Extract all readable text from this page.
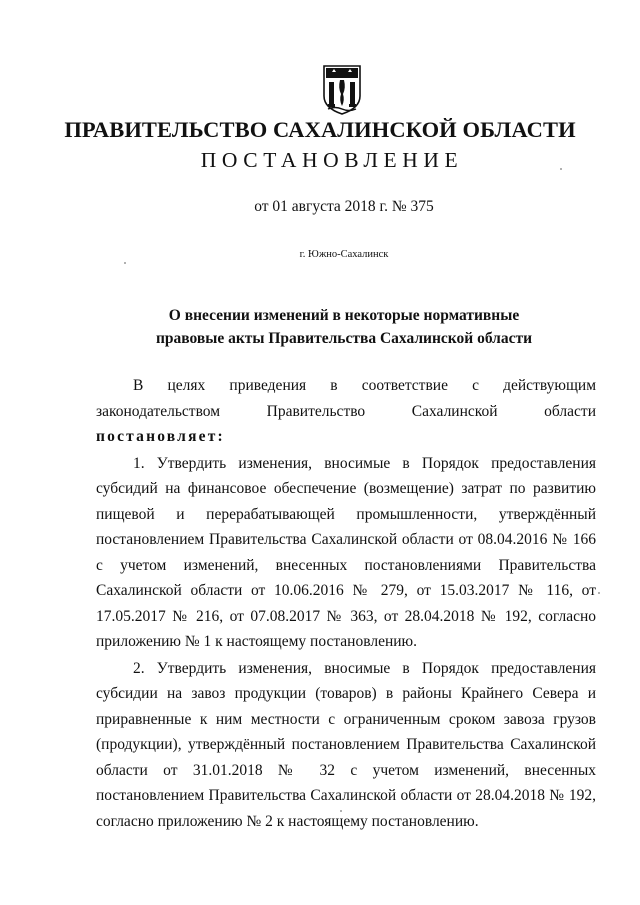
ПРАВИТЕЛЬСТВО САХАЛИНСКОЙ ОБЛАСТИ
ПОСТАНОВЛЕНИЕ
от 01 августа 2018 г. № 375
г. Южно-Сахалинск
О внесении изменений в некоторые нормативные
правовые акты Правительства Сахалинской области

В целях приведения в соответствие с действующим законодательством Правительство Сахалинской области постановляет:

1. Утвердить изменения, вносимые в Порядок предоставления субсидий на финансовое обеспечение (возмещение) затрат по развитию пищевой и перерабатывающей промышленности, утверждённый постановлением Правительства Сахалинской области от 08.04.2016 № 166 с учетом изменений, внесенных постановлениями Правительства Сахалинской области от 10.06.2016 № 279, от 15.03.2017 № 116, от 17.05.2017 № 216, от 07.08.2017 № 363, от 28.04.2018 № 192, согласно приложению № 1 к настоящему постановлению.

2. Утвердить изменения, вносимые в Порядок предоставления субсидии на завоз продукции (товаров) в районы Крайнего Севера и приравненные к ним местности с ограниченным сроком завоза грузов (продукции), утверждённый постановлением Правительства Сахалинской области от 31.01.2018 № 32 с учетом изменений, внесенных постановлением Правительства Сахалинской области от 28.04.2018 № 192, согласно приложению № 2 к настоящему постановлению.
